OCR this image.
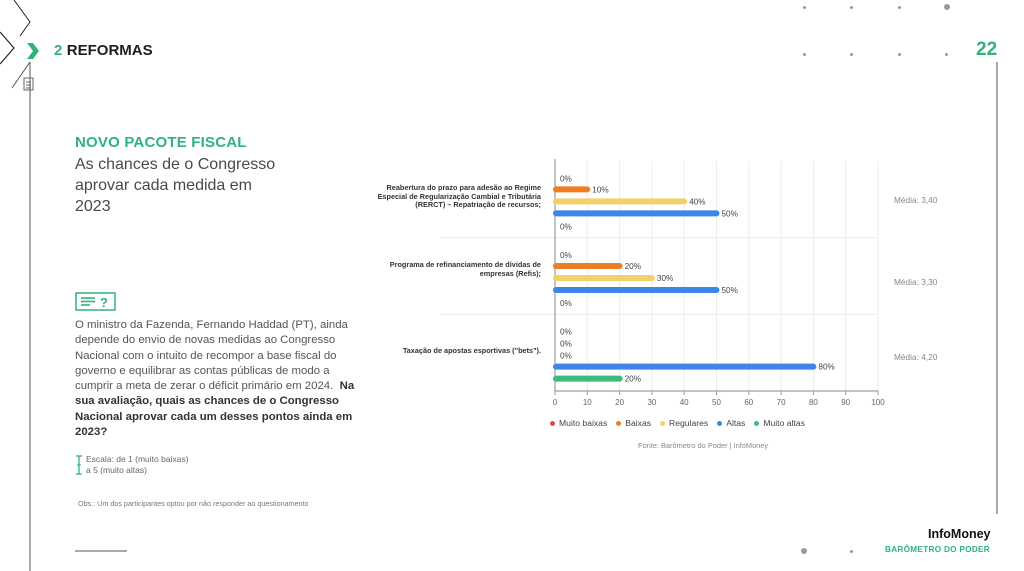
2 REFORMAS	22
NOVO PACOTE FISCAL
As chances de o Congresso aprovar cada medida em 2023
?
O ministro da Fazenda, Fernando Haddad (PT), ainda depende do envio de novas medidas ao Congresso Nacional com o intuito de recompor a base fiscal do governo e equilibrar as contas públicas de modo a cumprir a meta de zerar o déficit primário em 2024. Na sua avaliação, quais as chances de o Congresso Nacional aprovar cada um desses pontos ainda em 2023?
Escala: de 1 (muito baixas)
a 5 (muito altas)
Obs.: Um dos participantes optou por não responder ao questionamento
Reabertura do prazo para adesão ao Regime Especial de Regularização Cambial e Tributária (RERCT) – Repatriação de recursos;
Programa de refinanciamento de dívidas de empresas (Refis);
Taxação de apostas esportivas ("bets").
0	10	20	30	40	50	60	70	80	90	100
0%
10%
40%
50%
0%
0%
20%
30%
50%
0%
0%
0%
0%
80%
20%
Média: 3,40
Média: 3,30
Média: 4,20
Muito baixas Baixas Regulares Altas Muito altas
Fonte: Barômetro do Poder | InfoMoney
InfoMoney
BARÔMETRO DO PODER
